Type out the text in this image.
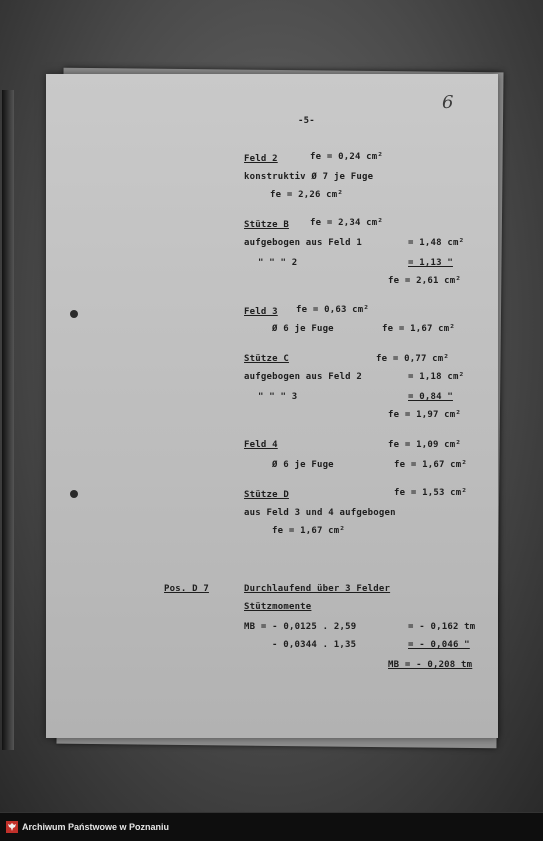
6
-5-
Feld 2	fe = 0,24 cm²
konstruktiv Ø 7 je Fuge
fe = 2,26 cm²
Stütze B fe = 2,34 cm²
aufgebogen aus Feld 1	= 1,48 cm²
" " " 2	= 1,13 "
fe = 2,61 cm²
Feld 3 fe = 0,63 cm²
Ø 6 je Fuge	fe = 1,67 cm²
Stütze C	fe = 0,77 cm²
aufgebogen aus Feld 2	= 1,18 cm²
" " " 3	= 0,84 "
fe = 1,97 cm²
Feld 4	fe = 1,09 cm²
Ø 6 je Fuge	fe = 1,67 cm²
Stütze D	fe = 1,53 cm²
aus Feld 3 und 4 aufgebogen
fe = 1,67 cm²
Pos. D 7	Durchlaufend über 3 Felder
Stützmomente
MB = - 0,0125 . 2,59	= - 0,162 tm
- 0,0344 . 1,35	= - 0,046 "
MB = - 0,208 tm
Archiwum Państwowe w Poznaniu
